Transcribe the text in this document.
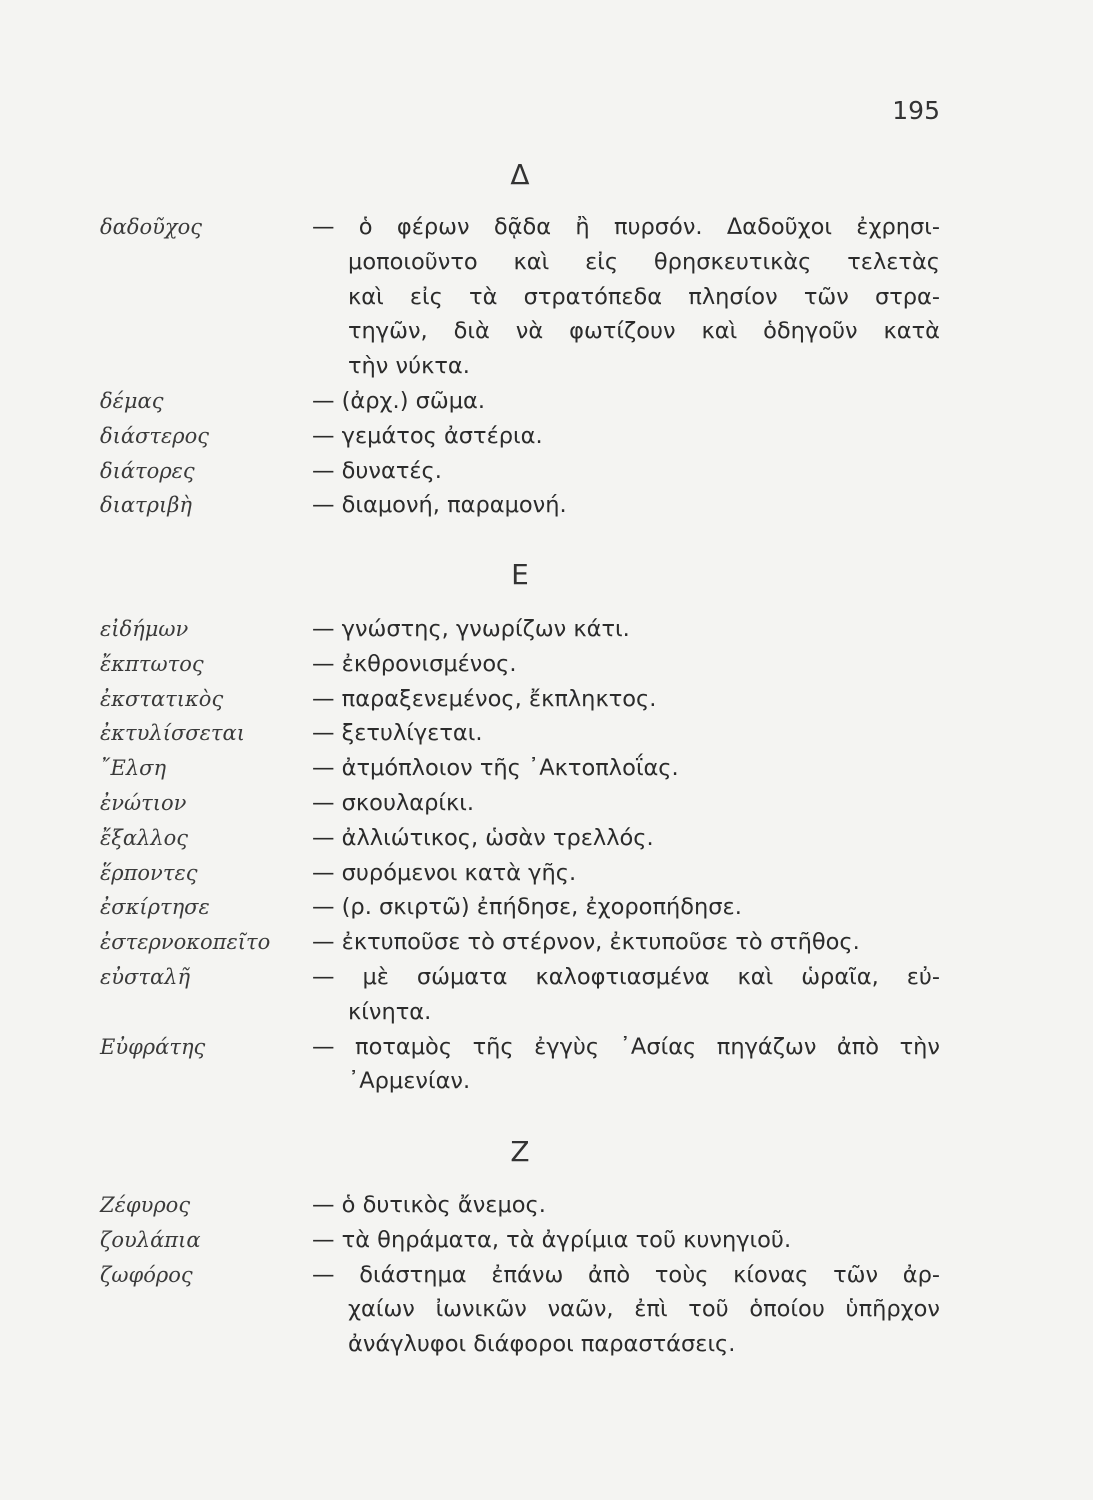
195
Δ
δαδοῦχος	— ὁ φέρων δᾷδα ἢ πυρσόν. Δαδοῦχοι ἐχρησι-
μοποιοῦντο καὶ εἰς θρησκευτικὰς τελετὰς
καὶ εἰς τὰ στρατόπεδα πλησίον τῶν στρα-
τηγῶν, διὰ νὰ φωτίζουν καὶ ὁδηγοῦν κατὰ
τὴν νύκτα.
δέμας	— (ἀρχ.) σῶμα.
διάστερος	— γεμάτος ἀστέρια.
διάτορες	— δυνατές.
διατριβὴ	— διαμονή, παραμονή.
Ε
εἰδήμων	— γνώστης, γνωρίζων κάτι.
ἔκπτωτος	— ἐκθρονισμένος.
ἐκστατικὸς	— παραξενεμένος, ἔκπληκτος.
ἐκτυλίσσεται	— ξετυλίγεται.
῎Ελση	— ἀτμόπλοιον τῆς ᾿Ακτοπλοΐας.
ἐνώτιον	— σκουλαρίκι.
ἔξαλλος	— ἀλλιώτικος, ὡσὰν τρελλός.
ἕρποντες	— συρόμενοι κατὰ γῆς.
ἐσκίρτησε	— (ρ. σκιρτῶ) ἐπήδησε, ἐχοροπήδησε.
ἐστερνοκοπεῖτο	— ἐκτυποῦσε τὸ στέρνον, ἐκτυποῦσε τὸ στῆθος.
εὐσταλῆ	— μὲ σώματα καλοφτιασμένα καὶ ὡραῖα, εὐ-
κίνητα.
Εὐφράτης	— ποταμὸς τῆς ἐγγὺς ᾿Ασίας πηγάζων ἀπὸ τὴν
᾿Αρμενίαν.
Ζ
Ζέφυρος	— ὁ δυτικὸς ἄνεμος.
ζουλάπια	— τὰ θηράματα, τὰ ἀγρίμια τοῦ κυνηγιοῦ.
ζωφόρος	— διάστημα ἐπάνω ἀπὸ τοὺς κίονας τῶν ἀρ-
χαίων ἰωνικῶν ναῶν, ἐπὶ τοῦ ὁποίου ὑπῆρχον
ἀνάγλυφοι διάφοροι παραστάσεις.
